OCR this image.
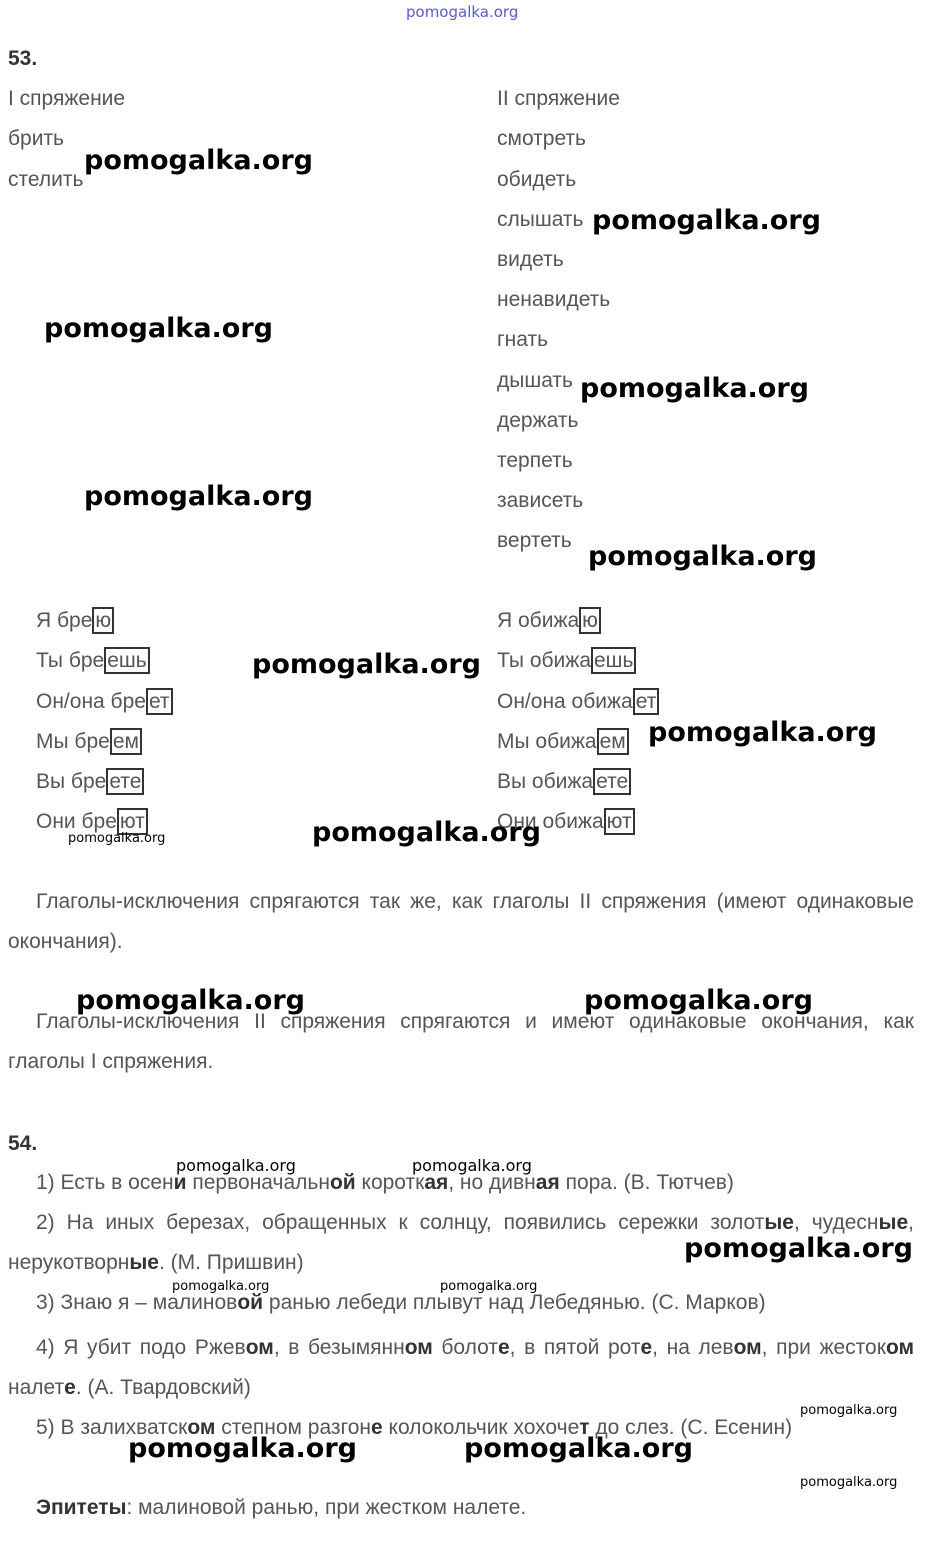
pomogalka.org
53.
I спряжение
брить
стелить
II спряжение
смотреть
обидеть
слышать
видеть
ненавидеть
гнать
дышать
держать
терпеть
зависеть
вертеть
Я бре ю
Ты бре ешь
Он/она бре ет
Мы бре ем
Вы бре ете
Они бре ют
Я обижа ю
Ты обижа ешь
Он/она обижа ет
Мы обижа ем
Вы обижа ете
Они обижа ют
Глаголы-исключения спрягаются так же, как глаголы II спряжения (имеют одинаковые окончания).
Глаголы-исключения II спряжения спрягаются и имеют одинаковые окончания, как глаголы I спряжения.
54.
1) Есть в осени первоначальной короткая, но дивная пора. (В. Тютчев)
2) На иных березах, обращенных к солнцу, появились сережки золотые, чудесные, нерукотворные. (М. Пришвин)
3) Знаю я – малиновой ранью лебеди плывут над Лебедянью. (С. Марков)
4) Я убит подо Ржевом, в безымянном болоте, в пятой роте, на левом, при жестоком налете. (А. Твардовский)
5) В залихватском степном разгоне колокольчик хохочет до слез. (С. Есенин)
Эпитеты: малиновой ранью, при жестком налете.
pomogalka.org
pomogalka.org
pomogalka.org
pomogalka.org
pomogalka.org
pomogalka.org
pomogalka.org
pomogalka.org
pomogalka.org
pomogalka.org	pomogalka.org
pomogalka.org
pomogalka.org	pomogalka.org
pomogalka.org	pomogalka.org
pomogalka.org
pomogalka.org	pomogalka.org
pomogalka.org
pomogalka.org
